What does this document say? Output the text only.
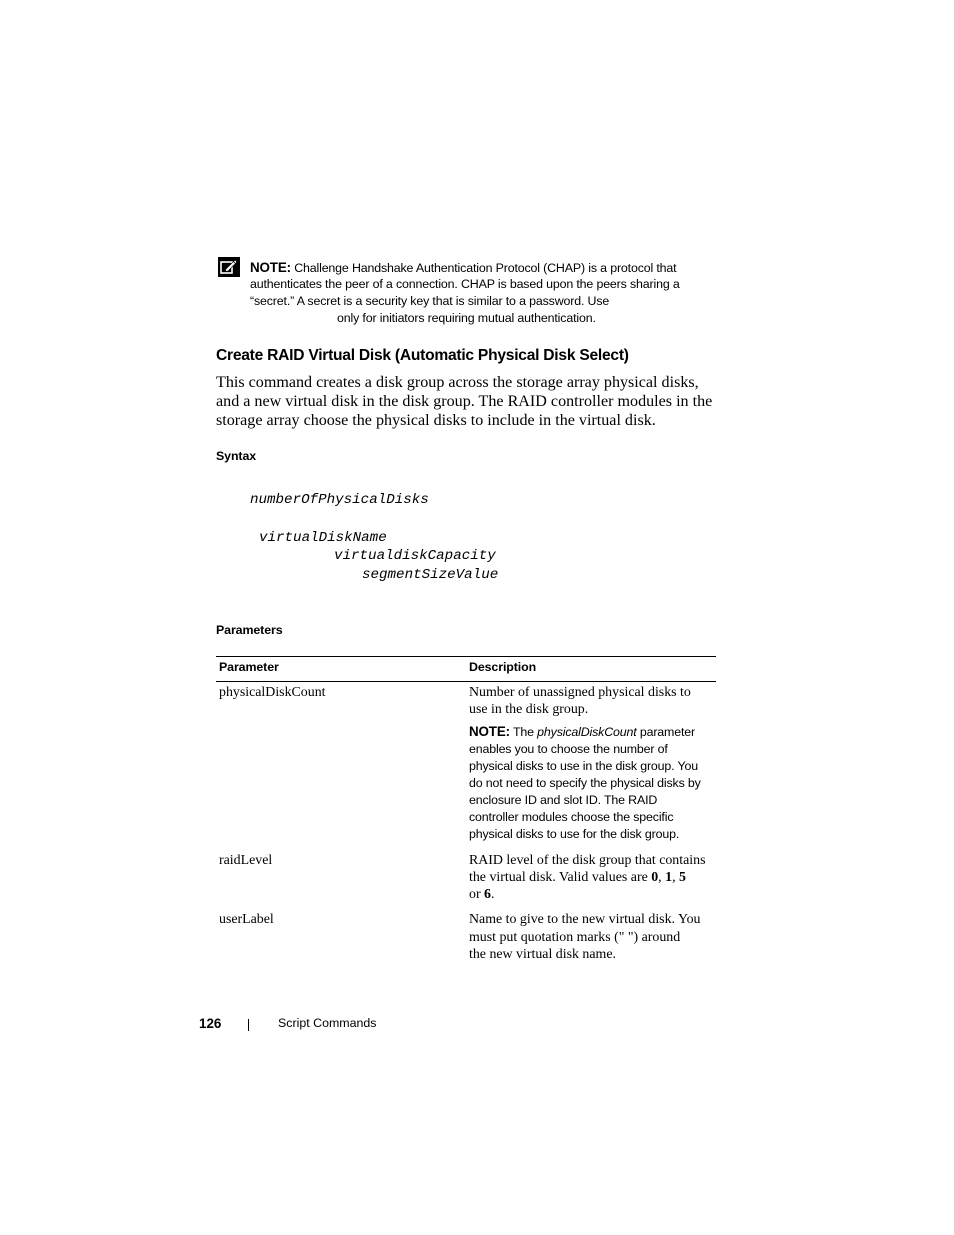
NOTE: Challenge Handshake Authentication Protocol (CHAP) is a protocol that
authenticates the peer of a connection. CHAP is based upon the peers sharing a
“secret.” A secret is a security key that is similar to a password. Use
only for initiators requiring mutual authentication.
Create RAID Virtual Disk (Automatic Physical Disk Select)
This command creates a disk group across the storage array physical disks,
and a new virtual disk in the disk group. The RAID controller modules in the
storage array choose the physical disks to include in the virtual disk.
Syntax
numberOfPhysicalDisks
virtualDiskName
virtualdiskCapacity
segmentSizeValue
Parameters
Parameter	Description
physicalDiskCount	Number of unassigned physical disks to
use in the disk group.
NOTE: The physicalDiskCount parameter
enables you to choose the number of
physical disks to use in the disk group. You
do not need to specify the physical disks by
enclosure ID and slot ID. The RAID
controller modules choose the specific
physical disks to use for the disk group.
raidLevel	RAID level of the disk group that contains
the virtual disk. Valid values are 0, 1, 5
or 6.
userLabel	Name to give to the new virtual disk. You
must put quotation marks (" ") around
the new virtual disk name.
126	Script Commands
